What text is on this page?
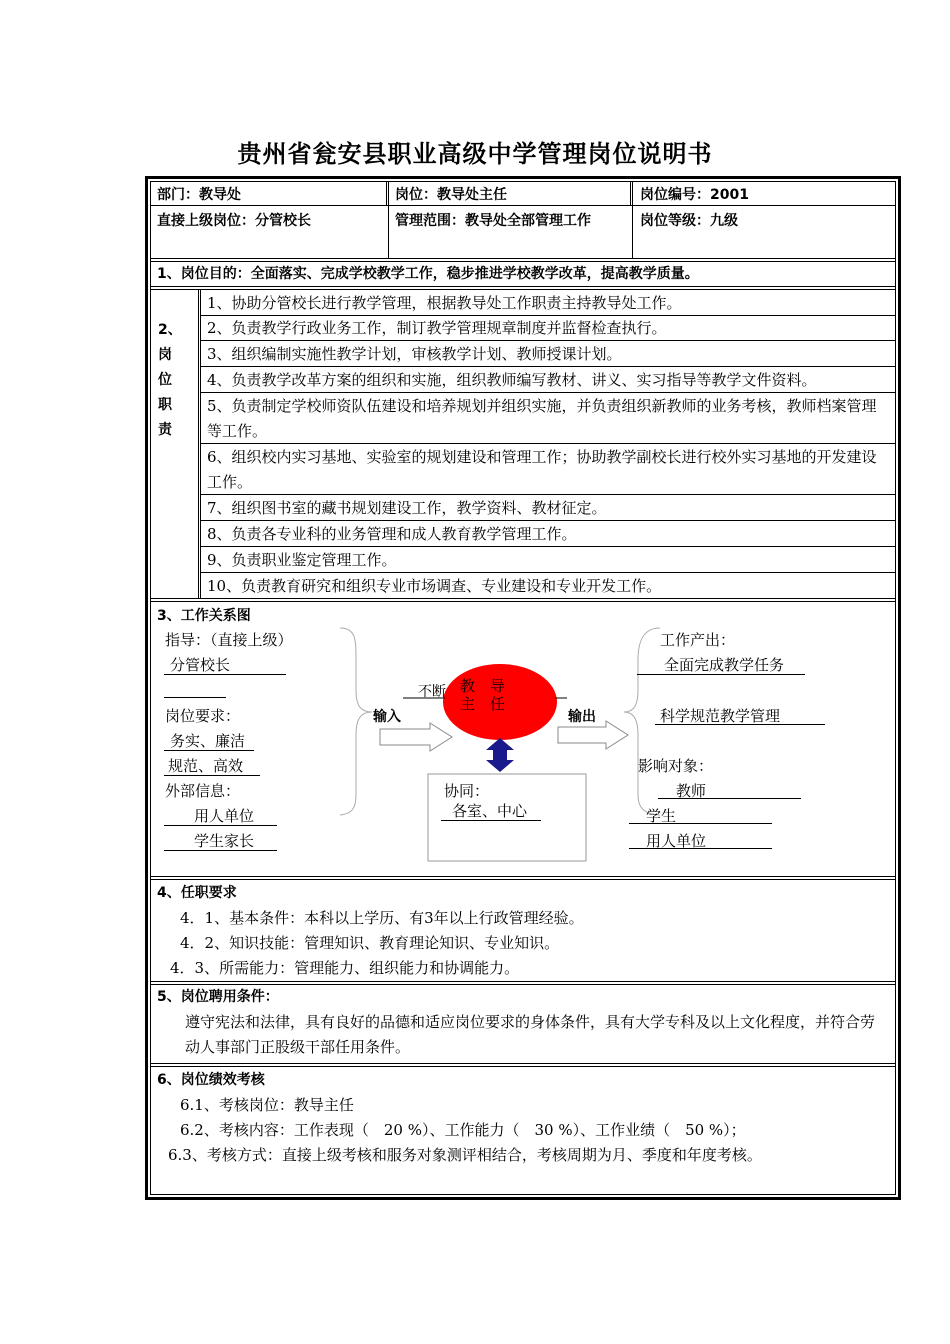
贵州省瓮安县职业高级中学管理岗位说明书
部门：教导处	岗位：教导处主任	岗位编号：2001
直接上级岗位：分管校长	管理范围：教导处全部管理工作	岗位等级：九级
1、岗位目的：全面落实、完成学校教学工作，稳步推进学校教学改革，提高教学质量。
2、
岗
位
职
责
1、协助分管校长进行教学管理，根据教导处工作职责主持教导处工作。
2、负责教学行政业务工作，制订教学管理规章制度并监督检查执行。
3、组织编制实施性教学计划，审核教学计划、教师授课计划。
4、负责教学改革方案的组织和实施，组织教师编写教材、讲义、实习指导等教学文件资料。
5、负责制定学校师资队伍建设和培养规划并组织实施，并负责组织新教师的业务考核，教师档案管理等工作。
6、组织校内实习基地、实验室的规划建设和管理工作；协助教学副校长进行校外实习基地的开发建设工作。
7、组织图书室的藏书规划建设工作，教学资料、教材征定。
8、负责各专业科的业务管理和成人教育教学管理工作。
9、负责职业鉴定管理工作。
10、负责教育研究和组织专业市场调查、专业建设和专业开发工作。
3、工作关系图
指导：（直接上级）
分管校长
岗位要求：
务实、廉洁
规范、高效
外部信息：
用人单位
学生家长
不断 教　导
主　任
输入	输出
协同：
各室、中心
工作产出：
全面完成教学任务
科学规范教学管理
影响对象：
教师
学生
用人单位
4、任职要求
4．1、基本条件：本科以上学历、有3年以上行政管理经验。
4．2、知识技能：管理知识、教育理论知识、专业知识。
4．3、所需能力：管理能力、组织能力和协调能力。
5、岗位聘用条件：
遵守宪法和法律，具有良好的品德和适应岗位要求的身体条件，具有大学专科及以上文化程度，并符合劳动人事部门正股级干部任用条件。
6、岗位绩效考核
6.1、考核岗位：教导主任
6.2、考核内容：工作表现（　20 %）、工作能力（　30 %）、工作业绩（　50 %）；
6.3、考核方式：直接上级考核和服务对象测评相结合，考核周期为月、季度和年度考核。
